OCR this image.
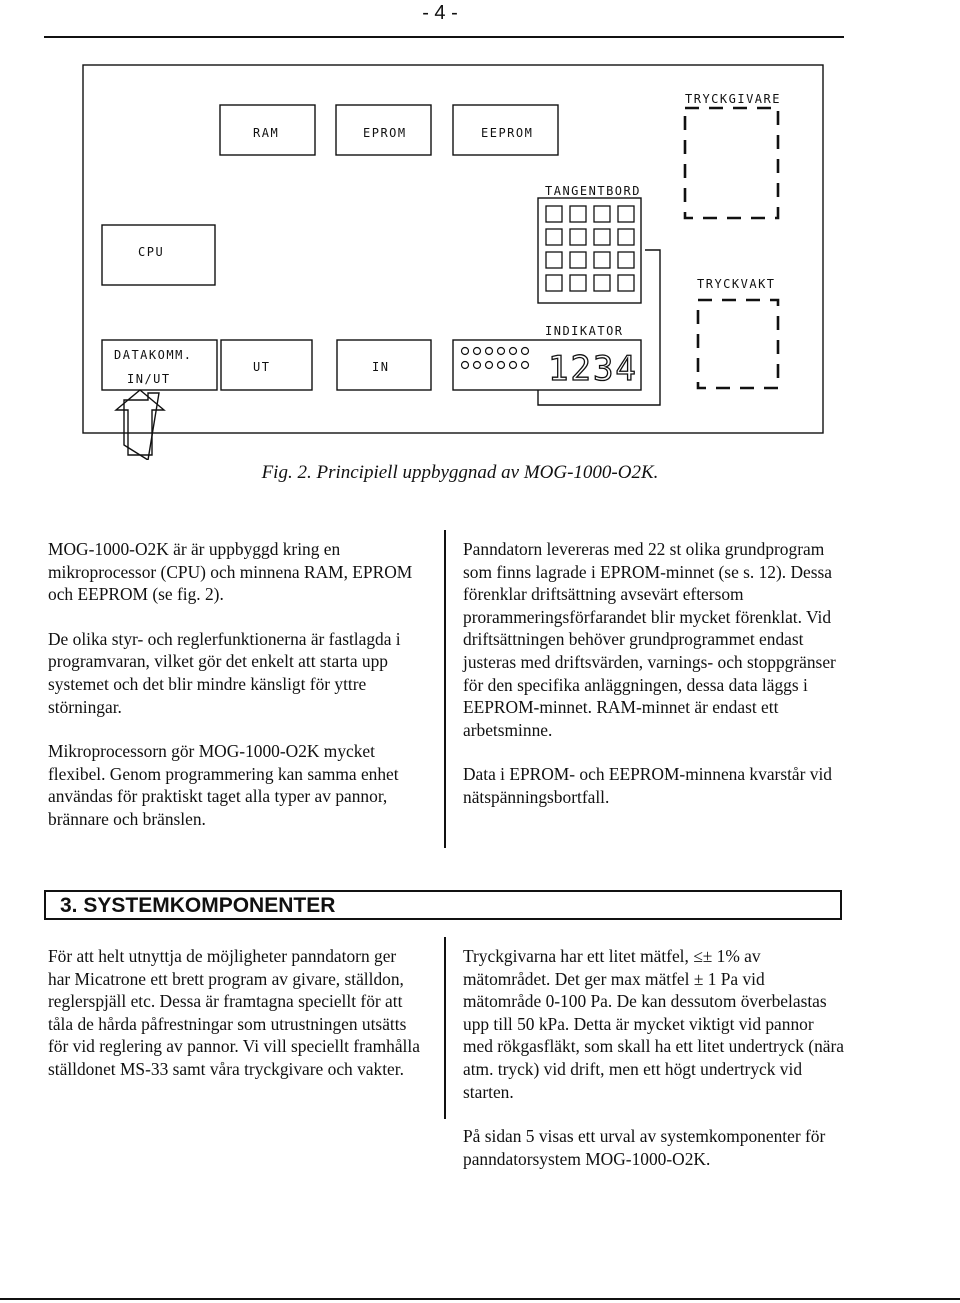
- 4 -
TRYCKGIVARE
RAM	EPROM	EEPROM
TANGENTBORD
CPU
TRYCKVAKT
INDIKATOR
DATAKOMM.
IN/UT
UT	IN	1234
Fig. 2. Principiell uppbyggnad av MOG-1000-O2K.

MOG-1000-O2K är är uppbyggd kring en mikroprocessor (CPU) och minnena RAM, EPROM och EEPROM (se fig. 2).

De olika styr- och reglerfunktionerna är fastlagda i programvaran, vilket gör det enkelt att starta upp systemet och det blir mindre känsligt för yttre störningar.

Mikroprocessorn gör MOG-1000-O2K mycket flexibel. Genom programmering kan samma enhet användas för praktiskt taget alla typer av pannor, brännare och bränslen.

Panndatorn levereras med 22 st olika grundprogram som finns lagrade i EPROM-minnet (se s. 12). Dessa förenklar driftsättning avsevärt eftersom prorammeringsförfarandet blir mycket förenklat. Vid driftsättningen behöver grundprogrammet endast justeras med driftsvärden, varnings- och stoppgränser för den specifika anläggningen, dessa data läggs i EEPROM-minnet. RAM-minnet är endast ett arbetsminne.

Data i EPROM- och EEPROM-minnena kvarstår vid nätspänningsbortfall.

3. SYSTEMKOMPONENTER

För att helt utnyttja de möjligheter panndatorn ger har Micatrone ett brett program av givare, ställdon, reglerspjäll etc. Dessa är framtagna speciellt för att tåla de hårda påfrestningar som utrustningen utsätts för vid reglering av pannor. Vi vill speciellt framhålla ställdonet MS-33 samt våra tryckgivare och vakter.

Tryckgivarna har ett litet mätfel, ≤± 1% av mätområdet. Det ger max mätfel ± 1 Pa vid mätområde 0-100 Pa. De kan dessutom överbelastas upp till 50 kPa. Detta är mycket viktigt vid pannor med rökgasfläkt, som skall ha ett litet undertryck (nära atm. tryck) vid drift, men ett högt undertryck vid starten.

På sidan 5 visas ett urval av systemkomponenter för panndatorsystem MOG-1000-O2K.
